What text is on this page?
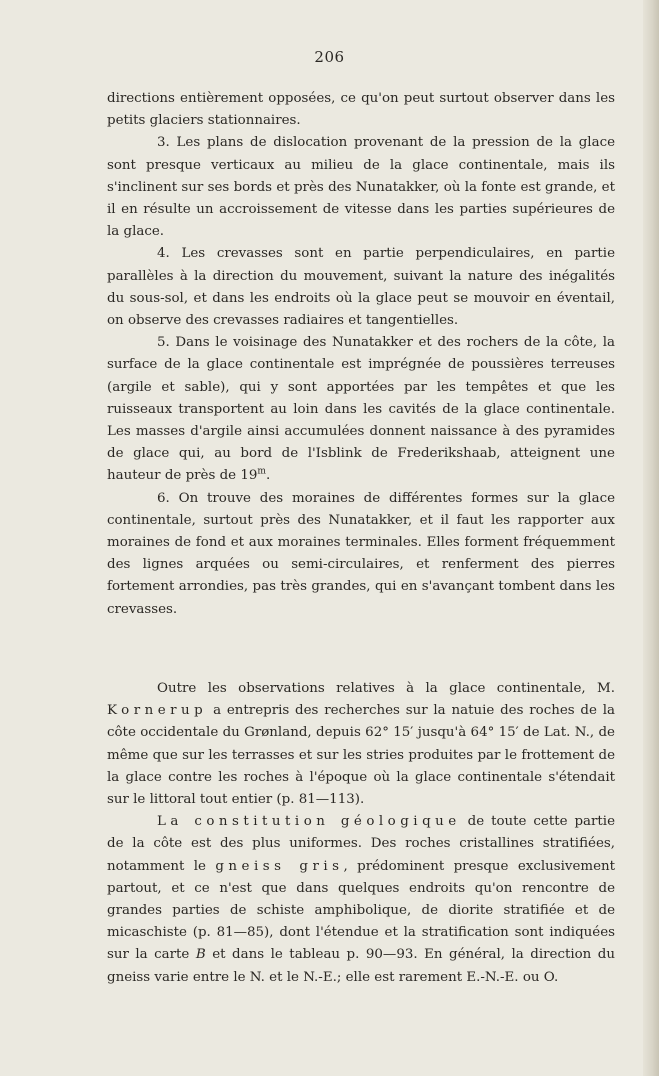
206

directions entièrement opposées, ce qu'on peut surtout observer dans les petits glaciers stationnaires.

3. Les plans de dislocation provenant de la pression de la glace sont presque verticaux au milieu de la glace continentale, mais ils s'inclinent sur ses bords et près des Nunatakker, où la fonte est grande, et il en résulte un accroissement de vitesse dans les parties supérieures de la glace.

4. Les crevasses sont en partie perpendiculaires, en partie parallèles à la direction du mouvement, suivant la nature des inégalités du sous-sol, et dans les endroits où la glace peut se mouvoir en éventail, on observe des crevasses radiaires et tangentielles.

5. Dans le voisinage des Nunatakker et des rochers de la côte, la surface de la glace continentale est imprégnée de poussières terreuses (argile et sable), qui y sont apportées par les tempêtes et que les ruisseaux transportent au loin dans les cavités de la glace continentale. Les masses d'argile ainsi accumulées donnent naissance à des pyramides de glace qui, au bord de l'Isblink de Frederikshaab, atteignent une hauteur de près de 19$^m$.

6. On trouve des moraines de différentes formes sur la glace continentale, surtout près des Nunatakker, et il faut les rapporter aux moraines de fond et aux moraines terminales. Elles forment fréquemment des lignes arquées ou semi-circulaires, et renferment des pierres fortement arrondies, pas très grandes, qui en s'avançant tombent dans les crevasses.

Outre les observations relatives à la glace continentale, M. Kornerup a entrepris des recherches sur la natuie des roches de la côte occidentale du Grønland, depuis 62° 15′ jusqu'à 64° 15′ de Lat. N., de même que sur les terrasses et sur les stries produites par le frottement de la glace contre les roches à l'époque où la glace continentale s'étendait sur le littoral tout entier (p. 81—113).

La constitution géologique de toute cette partie de la côte est des plus uniformes. Des roches cristallines stratifiées, notamment le gneiss gris, prédominent presque exclusivement partout, et ce n'est que dans quelques endroits qu'on rencontre de grandes parties de schiste amphibolique, de diorite stratifiée et de micaschiste (p. 81—85), dont l'étendue et la stratification sont indiquées sur la carte B et dans le tableau p. 90—93. En général, la direction du gneiss varie entre le N. et le N.-E.; elle est rarement E.-N.-E. ou O.
